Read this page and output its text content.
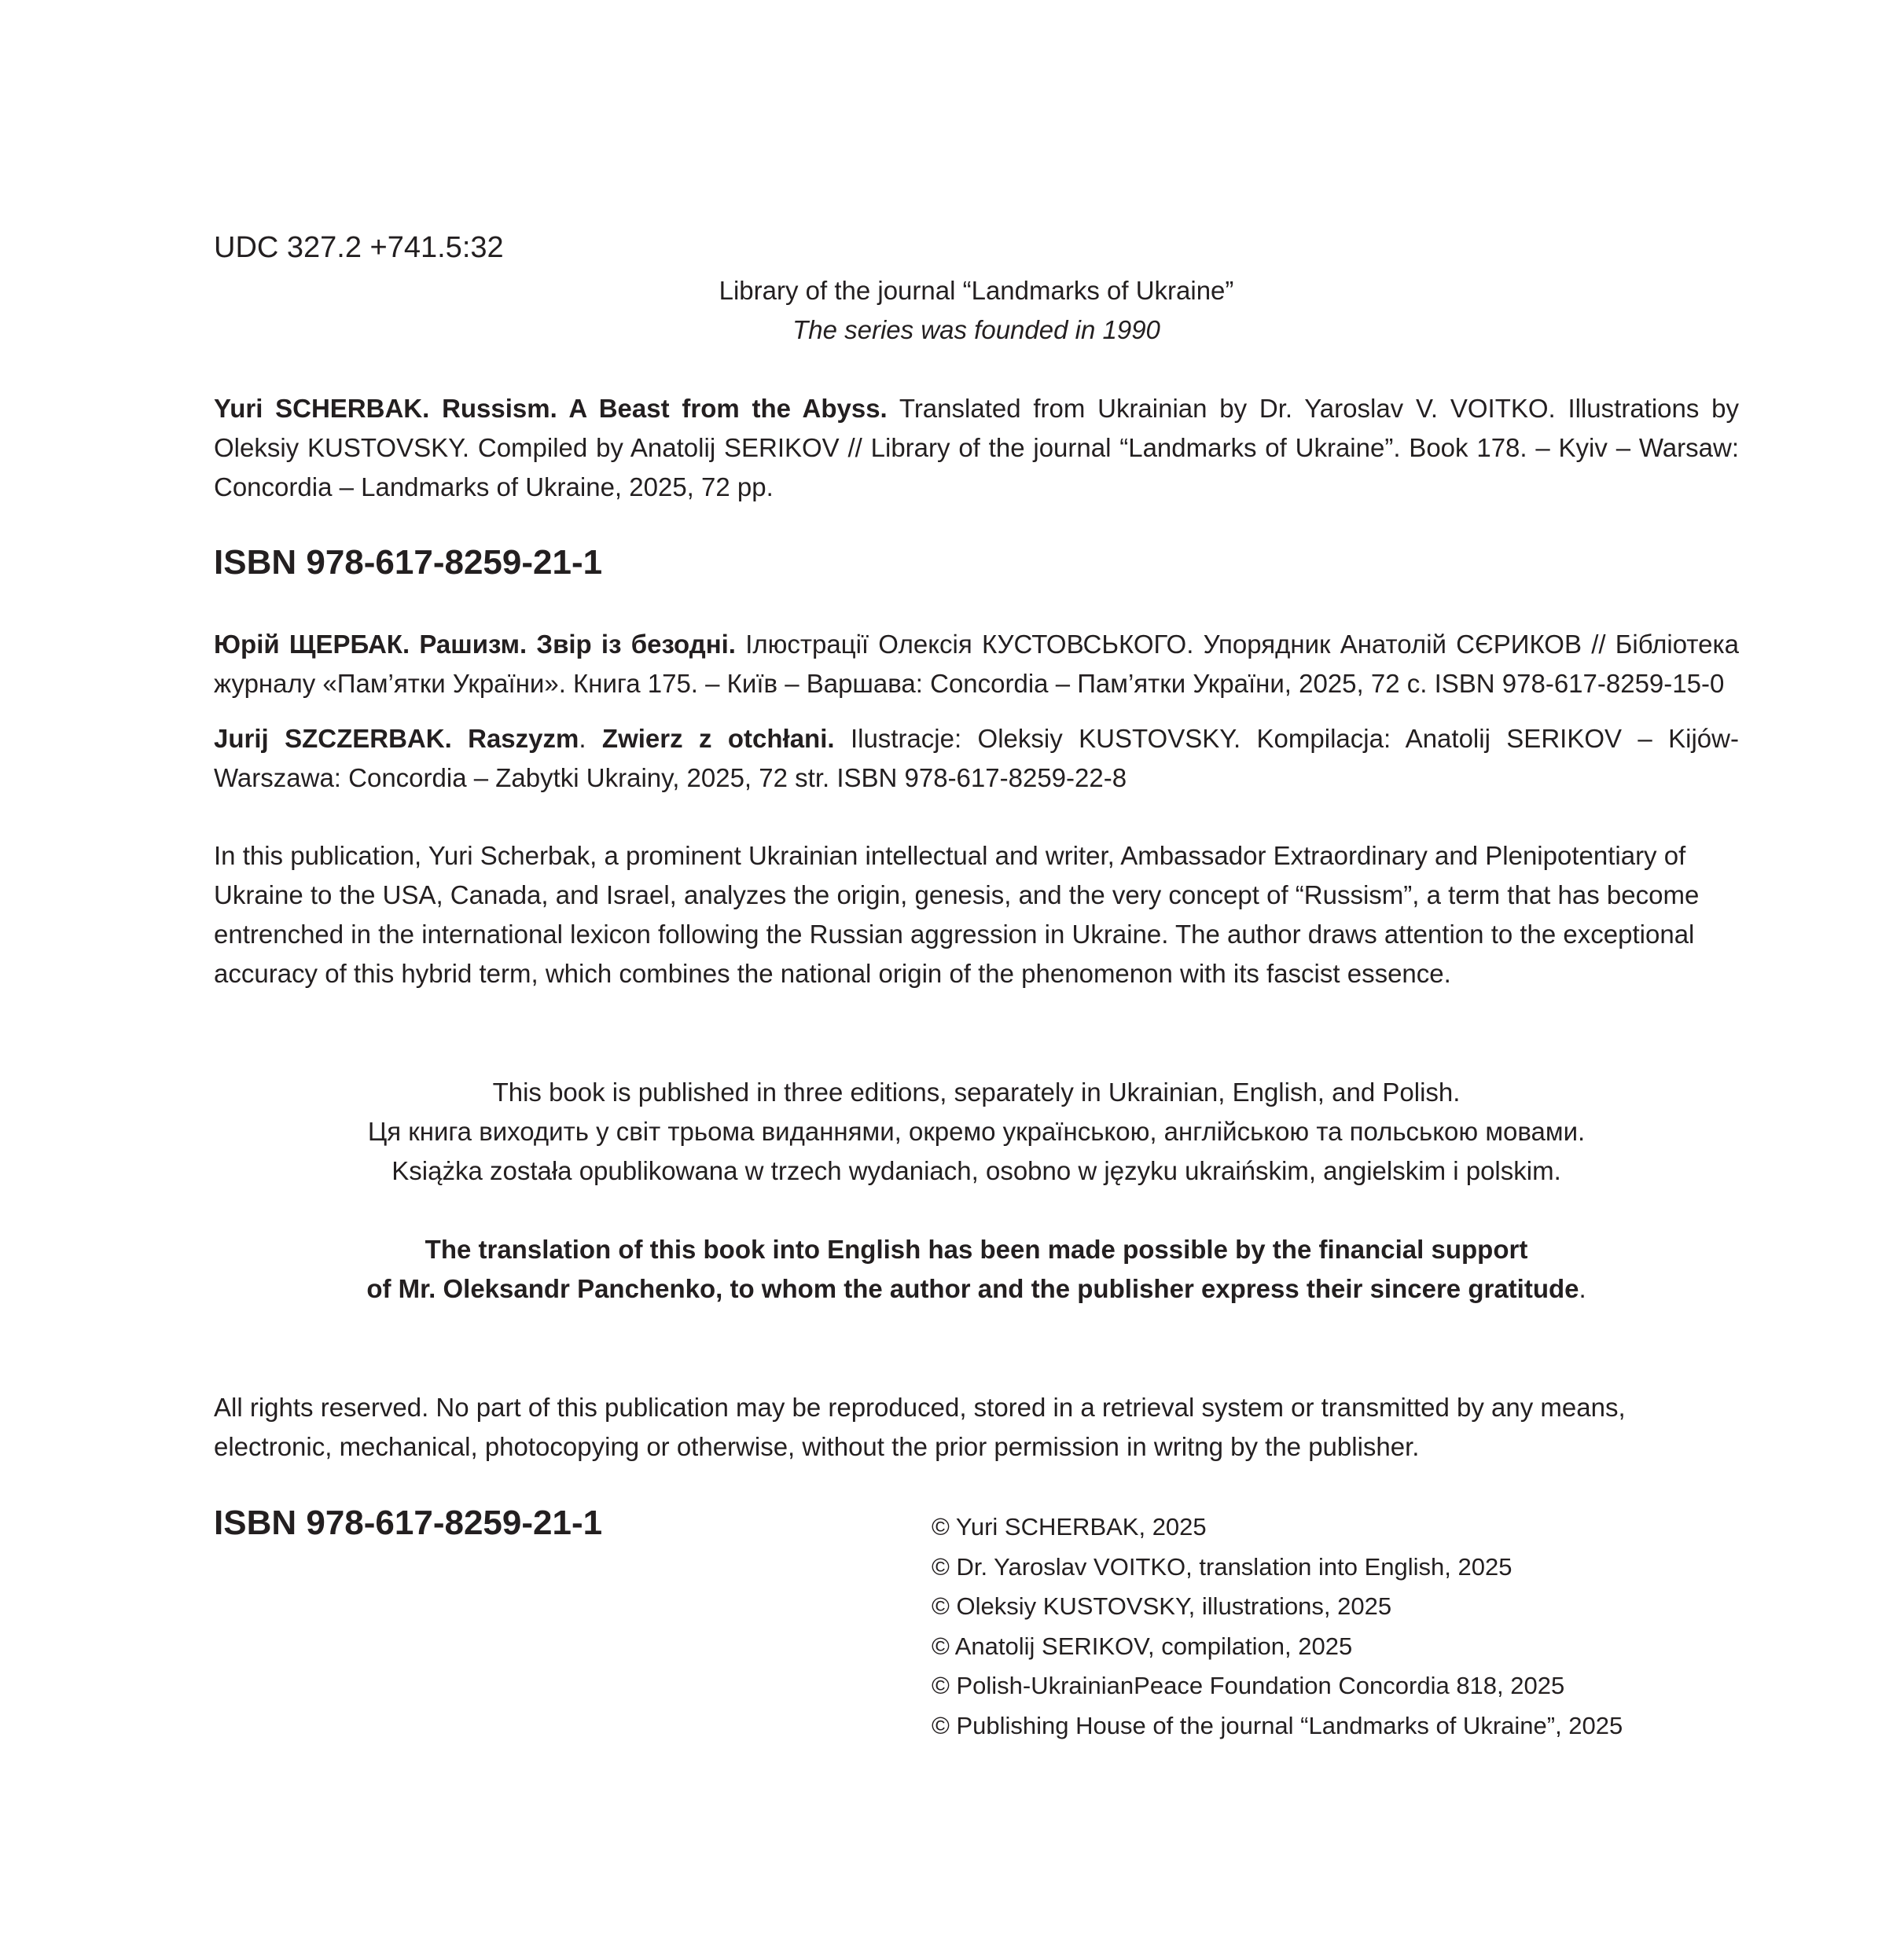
UDC 327.2 +741.5:32
Library of the journal “Landmarks of Ukraine”
The series was founded in 1990

Yuri SCHERBAK. Russism. A Beast from the Abyss. Translated from Ukrainian by Dr. Yaroslav V. VOITKO. Illustrations by Oleksiy KUSTOVSKY. Compiled by Anatolij SERIKOV // Library of the journal “Landmarks of Ukraine”. Book 178. – Kyiv – Warsaw: Concordia – Landmarks of Ukraine, 2025, 72 pp.

ISBN 978-617-8259-21-1

Юрій ЩЕРБАК. Рашизм. Звір із безодні. Ілюстрації Олексія КУСТОВСЬКОГО. Упорядник Анатолій СЄРИКОВ // Бібліотека журналу «Пам’ятки України». Книга 175. – Київ – Варшава: Concordia – Пам’ятки України, 2025, 72 с. ISBN 978-617-8259-15-0

Jurij SZCZERBAK. Raszyzm. Zwierz z otchłani. Ilustracje: Oleksiy KUSTOVSKY. Kompilacja: Anatolij SERIKOV – Kijów-Warszawa: Concordia – Zabytki Ukrainy, 2025, 72 str. ISBN 978-617-8259-22-8

In this publication, Yuri Scherbak, a prominent Ukrainian intellectual and writer, Ambassador Extraordinary and Plenipotentiary of Ukraine to the USA, Canada, and Israel, analyzes the origin, genesis, and the very concept of “Russism”, a term that has become entrenched in the international lexicon following the Russian aggression in Ukraine. The author draws attention to the exceptional accuracy of this hybrid term, which combines the national origin of the phenomenon with its fascist essence.

This book is published in three editions, separately in Ukrainian, English, and Polish.
Ця книга виходить у світ трьома виданнями, окремо українською, англійською та польською мовами.
Książka została opublikowana w trzech wydaniach, osobno w języku ukraińskim, angielskim i polskim.
The translation of this book into English has been made possible by the financial support
of Mr. Oleksandr Panchenko, to whom the author and the publisher express their sincere gratitude.

All rights reserved. No part of this publication may be reproduced, stored in a retrieval system or transmitted by any means, electronic, mechanical, photocopying or otherwise, without the prior permission in writng by the publisher.

ISBN 978-617-8259-21-1	© Yuri SCHERBAK, 2025
© Dr. Yaroslav VOITKO, translation into English, 2025
© Oleksiy KUSTOVSKY, illustrations, 2025
© Anatolij SERIKOV, compilation, 2025
© Polish-UkrainianPeace Foundation Concordia 818, 2025
© Publishing House of the journal “Landmarks of Ukraine”, 2025
